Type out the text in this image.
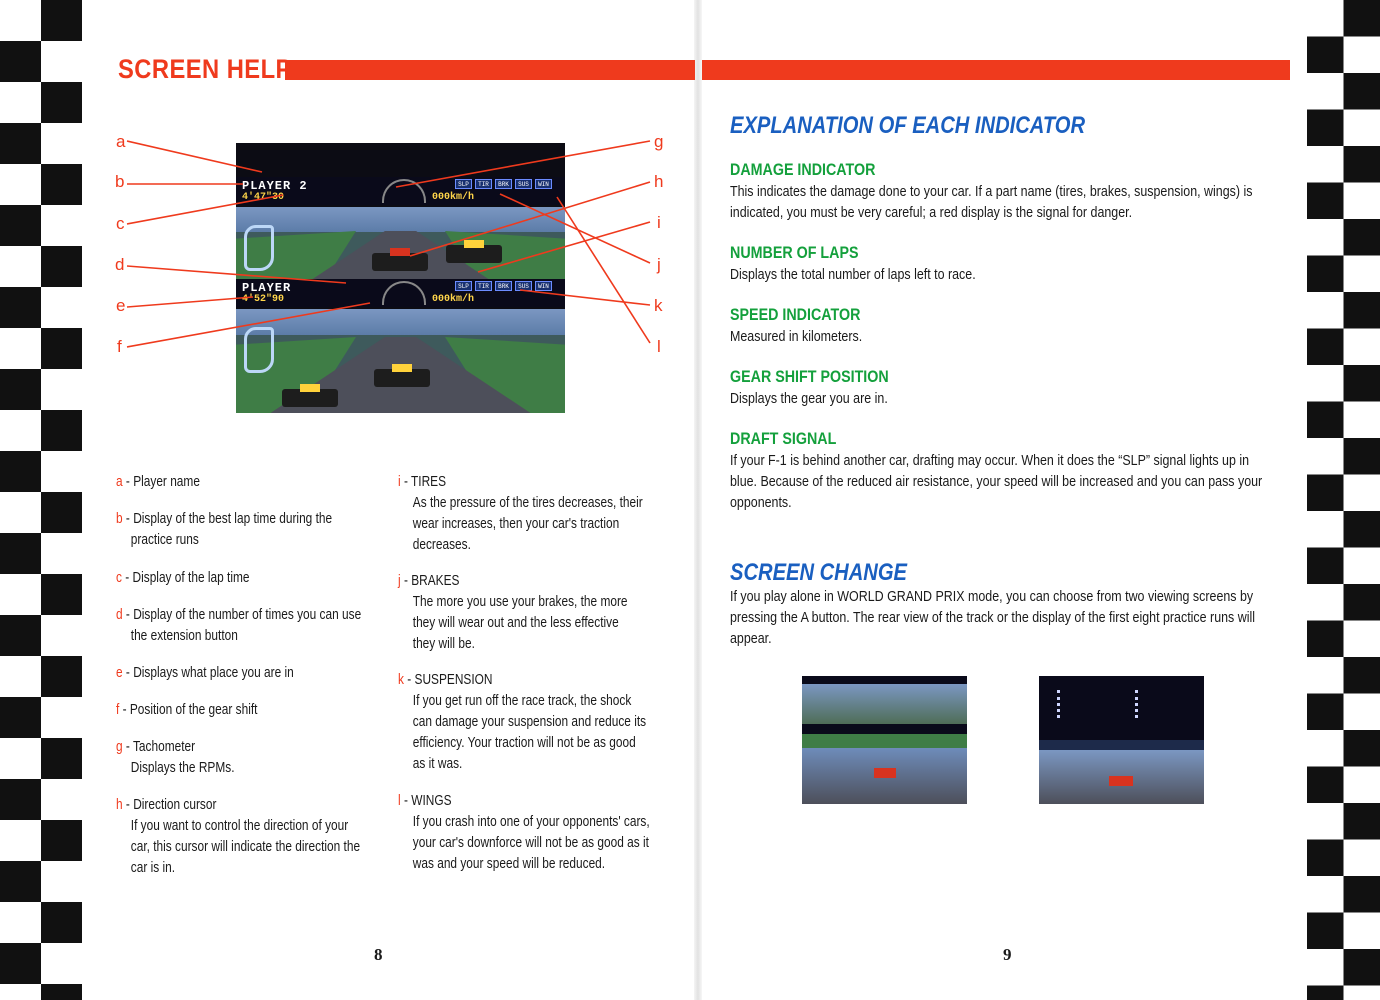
SCREEN HELP
a
b
c
d
e
f
g
h
i
j
k
l
PLAYER 2
4'47"30	000km/h
SLP	TIR	BRK	SUS	WIN
PLAYER
4'52"90	000km/h
SLP	TIR	BRK	SUS	WIN
a - Player name
b - Display of the best lap time during the
practice runs
c - Display of the lap time
d - Display of the number of times you can use
the extension button
e - Displays what place you are in
f - Position of the gear shift
g - Tachometer
Displays the RPMs.
h - Direction cursor
If you want to control the direction of your
car, this cursor will indicate the direction the
car is in.
i - TIRES
As the pressure of the tires decreases, their
wear increases, then your car's traction
decreases.
j - BRAKES
The more you use your brakes, the more
they will wear out and the less effective
they will be.
k - SUSPENSION
If you get run off the race track, the shock
can damage your suspension and reduce its
efficiency. Your traction will not be as good
as it was.
l - WINGS
If you crash into one of your opponents' cars,
your car's downforce will not be as good as it
was and your speed will be reduced.
8
EXPLANATION OF EACH INDICATOR
DAMAGE INDICATOR
This indicates the damage done to your car. If a part name (tires, brakes, suspension, wings) is indicated, you must be very careful; a red display is the signal for danger.
NUMBER OF LAPS
Displays the total number of laps left to race.
SPEED INDICATOR
Measured in kilometers.
GEAR SHIFT POSITION
Displays the gear you are in.
DRAFT SIGNAL
If your F-1 is behind another car, drafting may occur. When it does the “SLP” signal lights up in blue. Because of the reduced air resistance, your speed will be increased and you can pass your opponents.
SCREEN CHANGE
If you play alone in WORLD GRAND PRIX mode, you can choose from two viewing screens by pressing the A button. The rear view of the track or the display of the first eight practice runs will appear.
9
